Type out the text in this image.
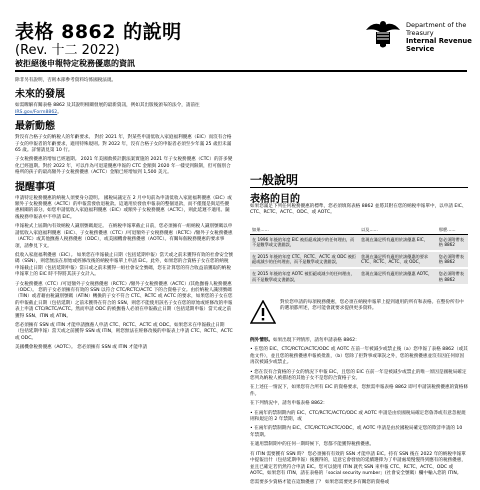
表格 8862 的說明
(Rev. 十二 2022)
被拒絕後申報特定稅務優惠的資訊
Department of the
Treasury
Internal Revenue Service
除非另有說明，否則本節參考資料均係國稅法規。
未來的發展
如需瞭解有關表格 8862 及其說明相關發展的最新資訊，例如其出版後頒布的法令，請前往 IRS.gov/Form8862。
最新動態
對沒有合格子女的納稅人的年齡要求。 對於 2021 年，對某些申請低收入家庭福利優惠（EIC）而沒有合格子女的申報者的年齡要求，適用特殊規則。對 2022 年，沒有合格子女的申報者必須至少年滿 25 歲但未滿 65 歲。詳情請見第 10 行。
子女稅務優惠的增加已經過期。 2021 年美國救援計劃法案實施的 2021 年子女稅務優惠（CTC）的許多變化已經過期。對於 2022 年，可以作為可退還優惠申報的 CTC 金額與 2020 年一樣受到限制，但可個別合格所的孩子的最高額外子女稅務優惠（ACTC）金額已經增加到 1,500 美元。
提醒事項
申請特定稅務優惠的納稅人須要身分證明。 國稅局議定在 2 月中旬前為申請低收入家庭福利優惠（EIC）或額外子女稅務優惠（ACTC）的申報當發放退稅款。這適用於發放申報表的整個退款，而不僅僅是與這些優惠相關的部分。如您申請低收入家庭福利優惠（EIC）或額外子女稅務優惠（ACTC），則此延遲不適用。隨後稅務申報表中不申請 EIC。
申報稅式上屆期內有效納稅人識別號碼規定。 在納稅申報單截止日前，您必須擁有一組納稅人識別號碼以申請低收入家庭福利優惠（EIC）、子女稅務優惠（CTC）/可退額外子女稅務優惠（RCTC）/額外子女稅務優惠（ACTC）或其他撫養人稅務優惠（ODC），或美國機會稅務優惠（AOTC）。有關每個稅務優惠的要求事項，請參見下文。
低收入家庭福利優惠（EIC）。 如果您在申報截止日期（包括延期申報）當天或之前未獲得有效的社會安全號碼（SSN），則您無法在原始或經修改後的納稅申報單上申請 EIC。此外，如果您的合資格子女在您的納稅申報截止日期（包括延期申報）當日或之前未獲得一組社會安全號碼，您在計算您的符合收益前獲取的納稅申報單上的 EIC 時不得將其該子女計入。
子女稅務優惠（CTC）/可退額外子女稅務優惠（RCTC）/額外子女稅務優惠（ACTC）/其他撫養人稅務優惠（ODC）。 您的子女必須擁有有效的 SSN 以符合 CTC/RCTC/ACTC 下的合資格子女。由於納稅人識別號碼（TIN）或者藉由稅識別號碼（ATIN）轉換的子女不符合 CTC、RCTC 或 ACTC 的要求，如果您的子女在您的申報截止日期（包括延期）之前未獲得在符合的 SSN，則您不能使用該名子女在您的原始或經修改的申報表上申請 CTC/RCTC/ACTC。然而申請 ODC 的被撫養人必須在申報截止日期（包括延期申報）當天或之前獲得 SSN、ITIN 或 ATIN。
您必須擁有 SSN 或 ITIN 才能申請撫養人申請 CTC、RCTC、ACTC 或 ODC。如果您未在申報截止日期（包括延期申報）當天或之前獲得 SSN 或 ITIN，則您無法在經修改後的申報表上申請 CTC、RCTC、ACTC 或 ODC。
美國機會稅務優惠（AOTC）。 您必須擁有 SSN 或 ITIN 才能申請
一般說明
表格的目的
如果您滿足下列任何稅務優惠的標準，您必須填寫表格 8862 並將其附在您的納稅申報單中，以申請 EIC、CTC、RCTC、ACTC、ODC、或 AOTC。
如果……	以及……	那麼……
在 1996 年後的年度 EIC 被拒絕或減少的任何理由，而不是數學或文書錯誤，	您現在滿足所有適用於該優惠 EIC，	您必須附帶表格 8862
在 2015 年後的年度 CTC、RCTC、ACTC 或 ODC 被拒絕或減少的任何理由，而不是數學或文書錯誤，	您現在滿足所有適用於該優惠的要求 CTC、RCTC、ACTC、或 ODC，	您必須附帶表格 8862
在 2015 年後的年度 AOTC 被拒絕或減少的任何理由，而不是數學或文書錯誤，	您現在滿足所有適用於該優惠 AOTC，	您必須附帶表格 8862
對於您申請的每項稅務優惠，您必須在納稅申報單上提到適用的所有和表格。在整份所有中的選項都所述，您可能會就要求提供更多資料。
例外情形。如果出現下列情形，請勿申請表格 8862：
• 在您的 EIC、CTC/RCTC/ACTC/ODC 或 AOTC 在前一年被減少或禁止後（a）您申報了表格 8862（或其他文件），並且您的稅務優惠申報被批准，（b）您除了拒對事或筆誤之外，您的稅務優惠並沒有因任何原因再次被減少或禁止。
• 您在沒有合資格的子女的情況下申報 EIC，且您的 EIC 在前一年是被減少或禁止的唯一原因是國稅局確定您列為納稅人被描述的其他子女不是您的合資格子女。
在上述任一情況下，如果您符合所有 EIC 的資格要求，您無需申報表格 8862 即可申請該稅務優惠的資格條件。
在下列情況中，請勿申報表格 8862：
• 在兩年的禁制期內的 EIC、CTC/RCTC/ACTC/ODC 或 AOTC 申請是由於國稅局確定您魯莽或有意忽視規則和規定的 2 年禁期，或
• 在兩年的禁制期內 EIC、CTC/RCTC/ACTC/ODC，或 AOTC 申請是由於國稅局確定您的欺詐申請的 10 年禁期。
在適用禁制期中的任何一期時候下，您都不能獲得稅務優惠。
有 ITIN 需要獲有 SSN 時？ 您必須擁有有效的 SSN 才能申請 EIC。持有 SSN 後在 2022 年的納稅申報單中提報出什（包括延期申報）後獲得的，這意它會發放的延續選擇为了申請處境慢慢得到應有的稅務優惠，並且已確定若仍然符合申請 EIC。您可以使用 ITIN 就代 SSN 來申報 CTC、RCTC、ACTC、ODC 或 AOTC。如果您有 ITIN，請在表格的「social security number」(社會安全號碼）欄中輸入您的 ITIN。
您需要多少資格才能在這類優惠了？ 如果您需要更多有關您的資格或
